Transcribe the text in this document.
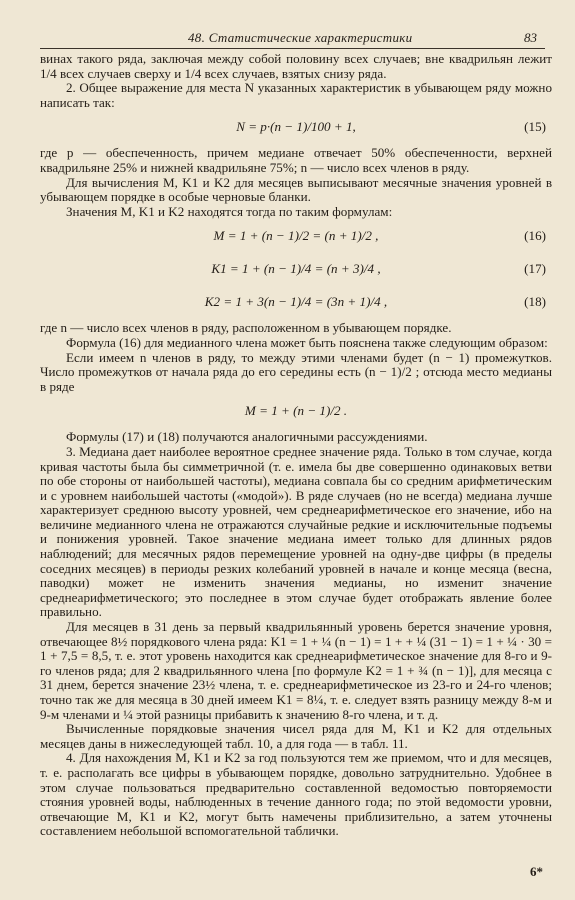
48. Статистические характеристики	83

винах такого ряда, заключая между собой половину всех случаев; вне квадрильян лежит 1/4 всех случаев сверху и 1/4 всех случаев, взятых снизу ряда.

2. Общее выражение для места N указанных характеристик в убывающем ряду можно написать так:

N = p·(n − 1)/100 + 1,	(15)

где p — обеспеченность, причем медиане отвечает 50% обеспеченности, верхней квадрильяне 25% и нижней квадрильяне 75%; n — число всех членов в ряду.

Для вычисления M, K1 и K2 для месяцев выписывают месячные значения уровней в убывающем порядке в особые черновые бланки.

Значения M, K1 и K2 находятся тогда по таким формулам:

M = 1 + (n − 1)/2 = (n + 1)/2 ,	(16)
K1 = 1 + (n − 1)/4 = (n + 3)/4 ,	(17)
K2 = 1 + 3(n − 1)/4 = (3n + 1)/4 ,	(18)

где n — число всех членов в ряду, расположенном в убывающем порядке.

Формула (16) для медианного члена может быть пояснена также следующим образом:

Если имеем n членов в ряду, то между этими членами будет (n − 1) промежутков. Число промежутков от начала ряда до его середины есть (n − 1)/2 ; отсюда место медианы в ряде

M = 1 + (n − 1)/2 .

Формулы (17) и (18) получаются аналогичными рассуждениями.

3. Медиана дает наиболее вероятное среднее значение ряда. Только в том случае, когда кривая частоты была бы симметричной (т. е. имела бы две совершенно одинаковых ветви по обе стороны от наибольшей частоты), медиана совпала бы со средним арифметическим и с уровнем наибольшей частоты («модой»). В ряде случаев (но не всегда) медиана лучше характеризует среднюю высоту уровней, чем среднеарифметическое его значение, ибо на величине медианного члена не отражаются случайные редкие и исключительные подъемы и понижения уровней. Такое значение медиана имеет только для длинных рядов наблюдений; для месячных рядов перемещение уровней на одну-две цифры (в пределы соседних месяцев) в периоды резких колебаний уровней в начале и конце месяца (весна, паводки) может не изменить значения медианы, но изменит значение среднеарифметического; это последнее в этом случае будет отображать явление более правильно.

Для месяцев в 31 день за первый квадрильянный уровень берется значение уровня, отвечающее 8½ порядкового члена ряда: K1 = 1 + ¼ (n − 1) = 1 + + ¼ (31 − 1) = 1 + ¼ · 30 = 1 + 7,5 = 8,5, т. е. этот уровень находится как среднеарифметическое значение для 8-го и 9-го членов ряда; для 2 квадрильянного члена [по формуле K2 = 1 + ¾ (n − 1)], для месяца с 31 днем, берется значение 23½ члена, т. е. среднеарифметическое из 23-го и 24-го членов; точно так же для месяца в 30 дней имеем K1 = 8¼, т. е. следует взять разницу между 8-м и 9-м членами и ¼ этой разницы прибавить к значению 8-го члена, и т. д.

Вычисленные порядковые значения чисел ряда для M, K1 и K2 для отдельных месяцев даны в нижеследующей табл. 10, а для года — в табл. 11.

4. Для нахождения M, K1 и K2 за год пользуются тем же приемом, что и для месяцев, т. е. располагать все цифры в убывающем порядке, довольно затруднительно. Удобнее в этом случае пользоваться предварительно составленной ведомостью повторяемости стояния уровней воды, наблюденных в течение данного года; по этой ведомости уровни, отвечающие M, K1 и K2, могут быть намечены приблизительно, а затем уточнены составлением небольшой вспомогательной таблички.

6*
